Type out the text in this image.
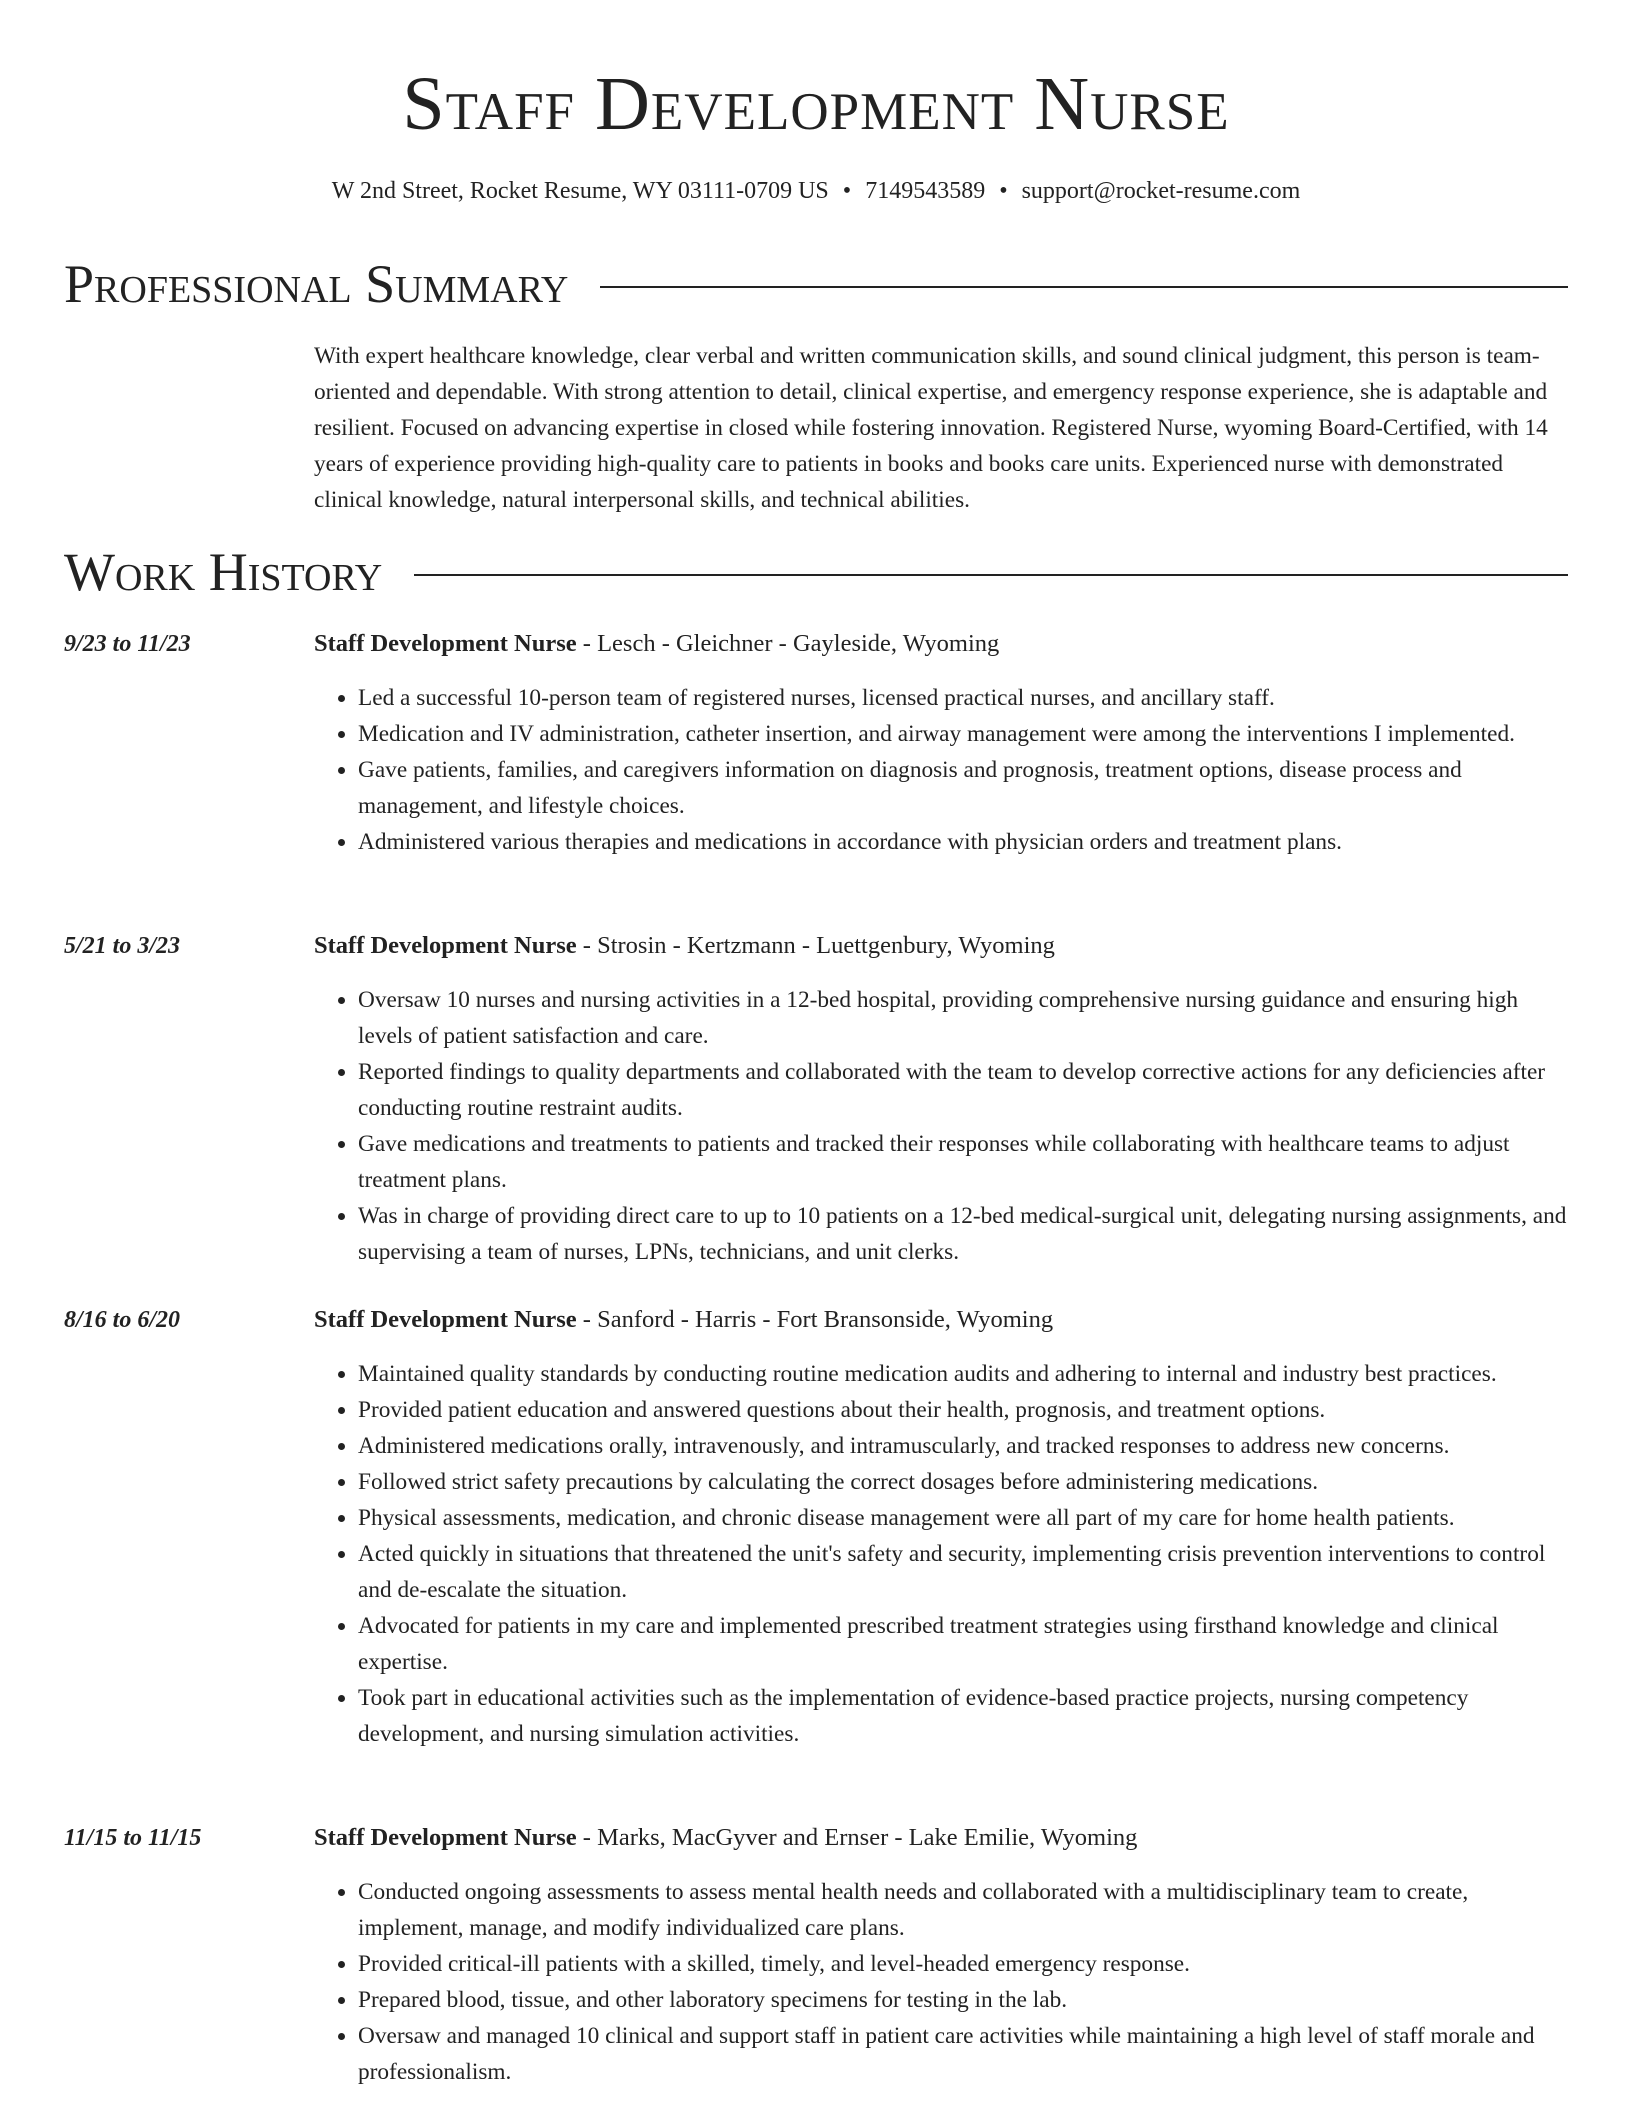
Staff Development Nurse
W 2nd Street, Rocket Resume, WY 03111-0709 US • 7149543589 • support@rocket-resume.com
Professional Summary
With expert healthcare knowledge, clear verbal and written communication skills, and sound clinical judgment, this person is team-oriented and dependable. With strong attention to detail, clinical expertise, and emergency response experience, she is adaptable and resilient. Focused on advancing expertise in closed while fostering innovation. Registered Nurse, wyoming Board-Certified, with 14 years of experience providing high-quality care to patients in books and books care units. Experienced nurse with demonstrated clinical knowledge, natural interpersonal skills, and technical abilities.
Work History
9/23 to 11/23	Staff Development Nurse - Lesch - Gleichner - Gayleside, Wyoming
• Led a successful 10-person team of registered nurses, licensed practical nurses, and ancillary staff.
• Medication and IV administration, catheter insertion, and airway management were among the interventions I implemented.
• Gave patients, families, and caregivers information on diagnosis and prognosis, treatment options, disease process and management, and lifestyle choices.
• Administered various therapies and medications in accordance with physician orders and treatment plans.
5/21 to 3/23	Staff Development Nurse - Strosin - Kertzmann - Luettgenbury, Wyoming
• Oversaw 10 nurses and nursing activities in a 12-bed hospital, providing comprehensive nursing guidance and ensuring high levels of patient satisfaction and care.
• Reported findings to quality departments and collaborated with the team to develop corrective actions for any deficiencies after conducting routine restraint audits.
• Gave medications and treatments to patients and tracked their responses while collaborating with healthcare teams to adjust treatment plans.
• Was in charge of providing direct care to up to 10 patients on a 12-bed medical-surgical unit, delegating nursing assignments, and supervising a team of nurses, LPNs, technicians, and unit clerks.
8/16 to 6/20	Staff Development Nurse - Sanford - Harris - Fort Bransonside, Wyoming
• Maintained quality standards by conducting routine medication audits and adhering to internal and industry best practices.
• Provided patient education and answered questions about their health, prognosis, and treatment options.
• Administered medications orally, intravenously, and intramuscularly, and tracked responses to address new concerns.
• Followed strict safety precautions by calculating the correct dosages before administering medications.
• Physical assessments, medication, and chronic disease management were all part of my care for home health patients.
• Acted quickly in situations that threatened the unit's safety and security, implementing crisis prevention interventions to control and de-escalate the situation.
• Advocated for patients in my care and implemented prescribed treatment strategies using firsthand knowledge and clinical expertise.
• Took part in educational activities such as the implementation of evidence-based practice projects, nursing competency development, and nursing simulation activities.
11/15 to 11/15	Staff Development Nurse - Marks, MacGyver and Ernser - Lake Emilie, Wyoming
• Conducted ongoing assessments to assess mental health needs and collaborated with a multidisciplinary team to create, implement, manage, and modify individualized care plans.
• Provided critical-ill patients with a skilled, timely, and level-headed emergency response.
• Prepared blood, tissue, and other laboratory specimens for testing in the lab.
• Oversaw and managed 10 clinical and support staff in patient care activities while maintaining a high level of staff morale and professionalism.
